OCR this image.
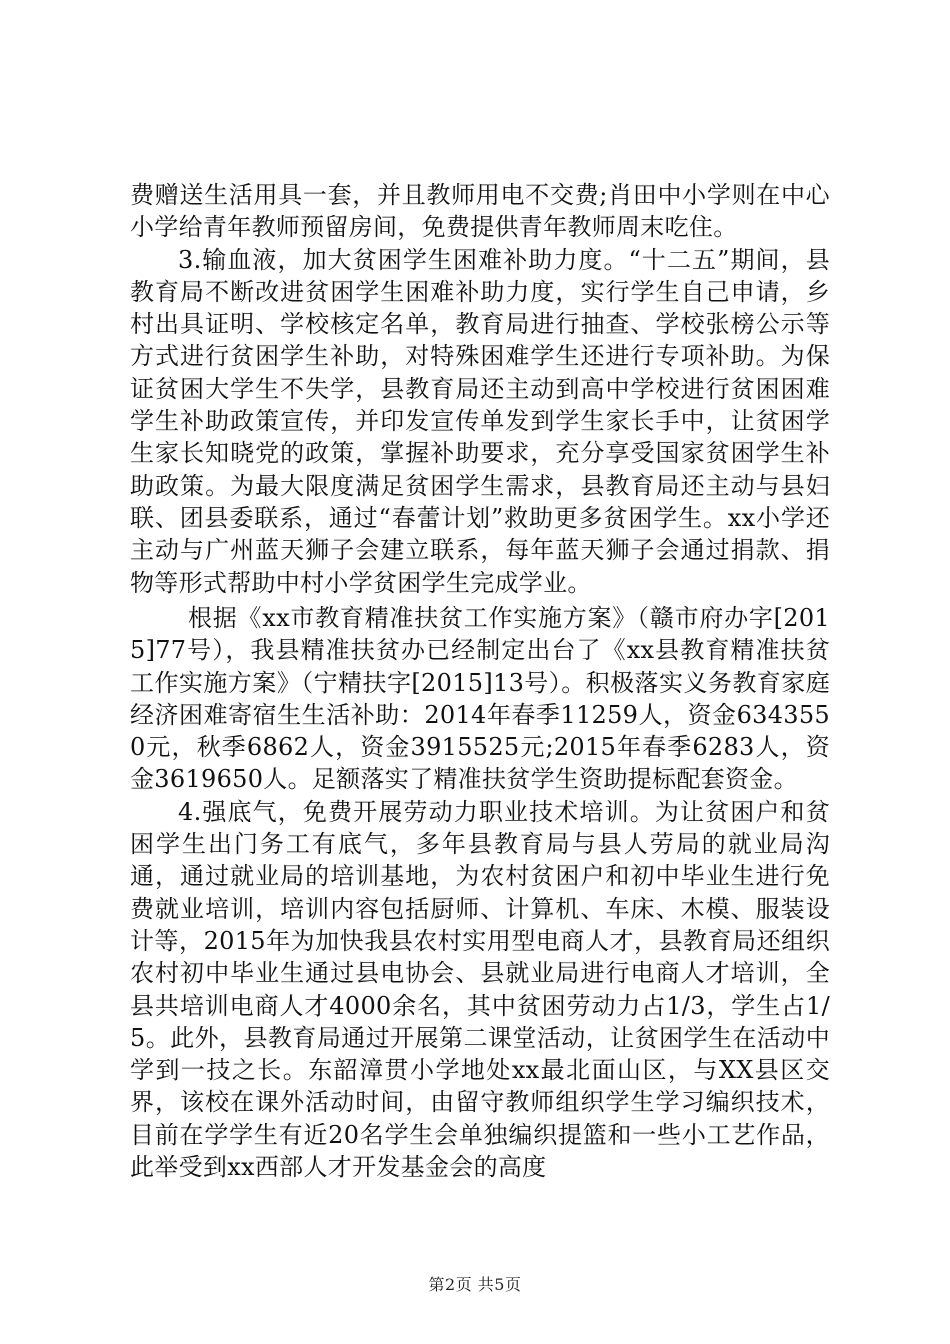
费赠送生活用具一套，并且教师用电不交费;肖田中小学则在中心小学给青年教师预留房间，免费提供青年教师周末吃住。

3.输血液，加大贫困学生困难补助力度。“十二五”期间，县教育局不断改进贫困学生困难补助力度，实行学生自己申请，乡村出具证明、学校核定名单，教育局进行抽查、学校张榜公示等方式进行贫困学生补助，对特殊困难学生还进行专项补助。为保证贫困大学生不失学，县教育局还主动到高中学校进行贫困困难学生补助政策宣传，并印发宣传单发到学生家长手中，让贫困学生家长知晓党的政策，掌握补助要求，充分享受国家贫困学生补助政策。为最大限度满足贫困学生需求，县教育局还主动与县妇联、团县委联系，通过“春蕾计划”救助更多贫困学生。xx小学还主动与广州蓝天狮子会建立联系，每年蓝天狮子会通过捐款、捐物等形式帮助中村小学贫困学生完成学业。

根据《xx市教育精准扶贫工作实施方案》（赣市府办字[2015]77号），我县精准扶贫办已经制定出台了《xx县教育精准扶贫工作实施方案》（宁精扶字[2015]13号）。积极落实义务教育家庭经济困难寄宿生生活补助：2014年春季11259人，资金6343550元，秋季6862人，资金3915525元;2015年春季6283人，资金3619650人。足额落实了精准扶贫学生资助提标配套资金。

4.强底气，免费开展劳动力职业技术培训。为让贫困户和贫困学生出门务工有底气，多年县教育局与县人劳局的就业局沟通，通过就业局的培训基地，为农村贫困户和初中毕业生进行免费就业培训，培训内容包括厨师、计算机、车床、木模、服装设计等，2015年为加快我县农村实用型电商人才，县教育局还组织农村初中毕业生通过县电协会、县就业局进行电商人才培训，全县共培训电商人才4000余名，其中贫困劳动力占1/3，学生占1/5。此外，县教育局通过开展第二课堂活动，让贫困学生在活动中学到一技之长。东韶漳贯小学地处xx最北面山区，与XX县区交界，该校在课外活动时间，由留守教师组织学生学习编织技术，目前在学学生有近20名学生会单独编织提篮和一些小工艺作品，此举受到xx西部人才开发基金会的高度

第2页 共5页
